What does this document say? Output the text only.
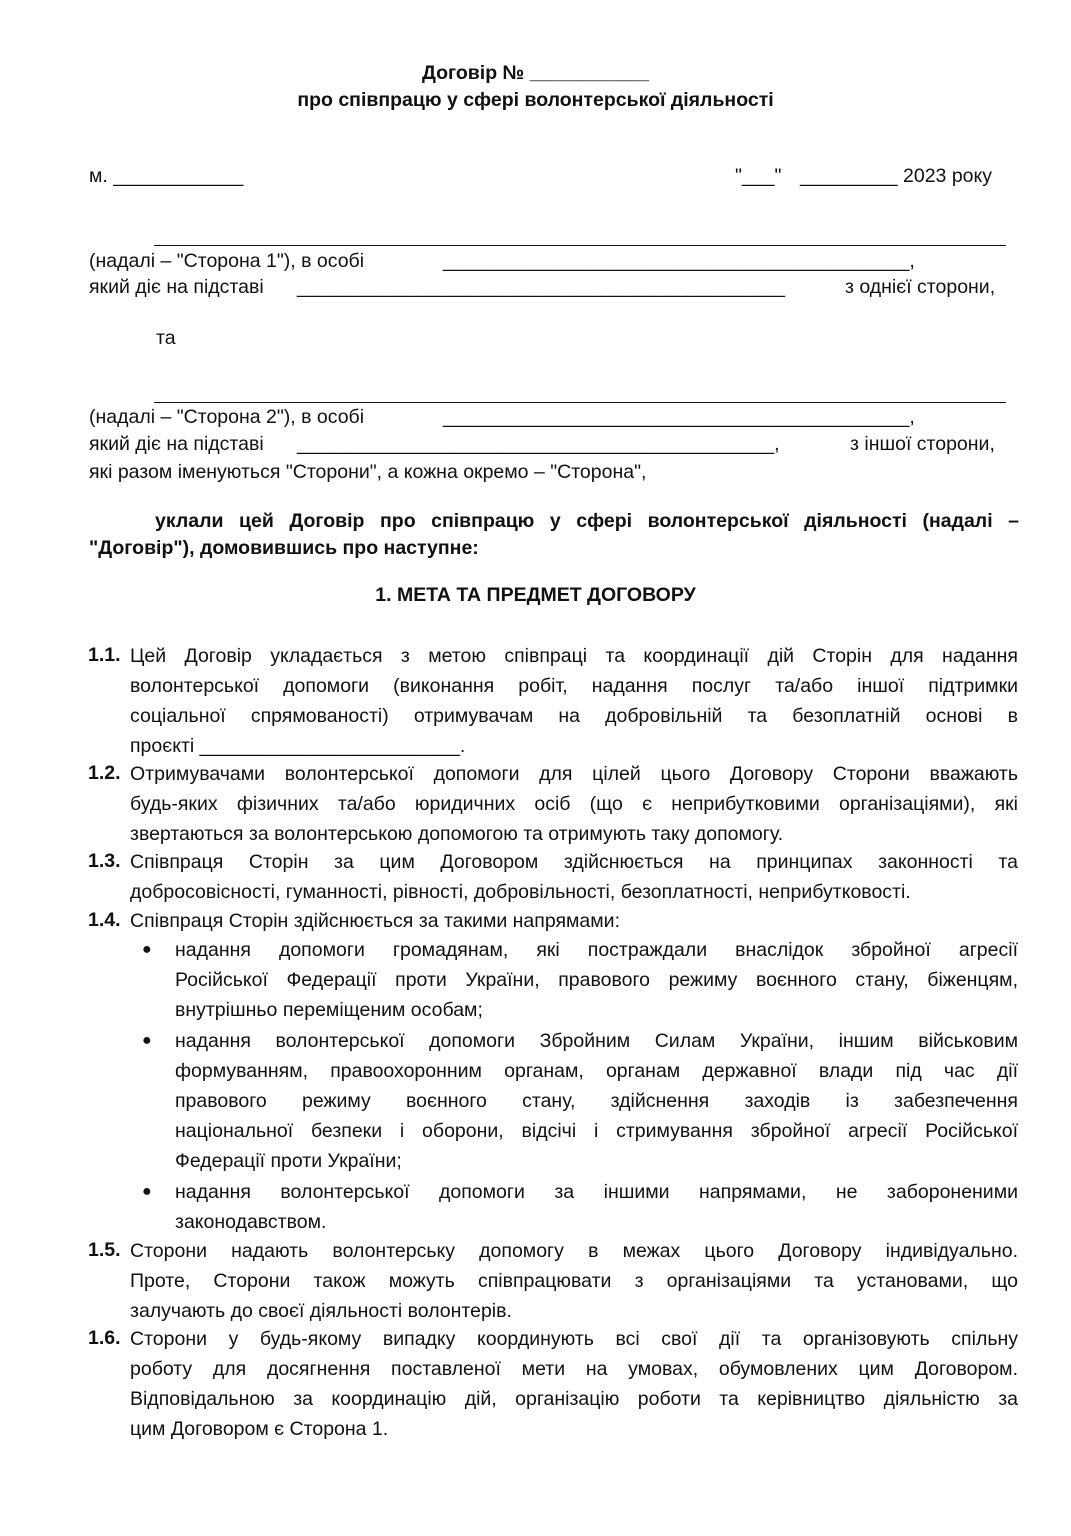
Договір № ___________
про співпрацю у сфері волонтерської діяльності
м. ____________	"___" _________ 2023 року
(надалі – "Сторона 1"), в особі	___________________________________________,
який діє на підставі _____________________________________________	з однієї сторони,
та
(надалі – "Сторона 2"), в особі	___________________________________________,
який діє на підставі ____________________________________________,	з іншої сторони,
які разом іменуються "Сторони", а кожна окремо – "Сторона",
уклали цей Договір про співпрацю у сфері волонтерської діяльності (надалі –
"Договір"), домовившись про наступне:
1. МЕТА ТА ПРЕДМЕТ ДОГОВОРУ
1.1. Цей Договір укладається з метою співпраці та координації дій Сторін для надання
волонтерської допомоги (виконання робіт, надання послуг та/або іншої підтримки
соціальної спрямованості) отримувачам на добровільній та безоплатній основі в
проєкті ________________________.
1.2. Отримувачами волонтерської допомоги для цілей цього Договору Сторони вважають
будь-яких фізичних та/або юридичних осіб (що є неприбутковими організаціями), які
звертаються за волонтерською допомогою та отримують таку допомогу.
1.3. Співпраця Сторін за цим Договором здійснюється на принципах законності та
добросовісності, гуманності, рівності, добровільності, безоплатності, неприбутковості.
1.4. Співпраця Сторін здійснюється за такими напрямами:
● надання допомоги громадянам, які постраждали внаслідок збройної агресії
Російської Федерації проти України, правового режиму воєнного стану, біженцям,
внутрішньо переміщеним особам;
● надання волонтерської допомоги Збройним Силам України, іншим військовим
формуванням, правоохоронним органам, органам державної влади під час дії
правового режиму воєнного стану, здійснення заходів із забезпечення
національної безпеки і оборони, відсічі і стримування збройної агресії Російської
Федерації проти України;
● надання волонтерської допомоги за іншими напрямами, не забороненими
законодавством.
1.5. Сторони надають волонтерську допомогу в межах цього Договору індивідуально.
Проте, Сторони також можуть співпрацювати з організаціями та установами, що
залучають до своєї діяльності волонтерів.
1.6. Сторони у будь-якому випадку координують всі свої дії та організовують спільну
роботу для досягнення поставленої мети на умовах, обумовлених цим Договором.
Відповідальною за координацію дій, організацію роботи та керівництво діяльністю за
цим Договором є Сторона 1.
